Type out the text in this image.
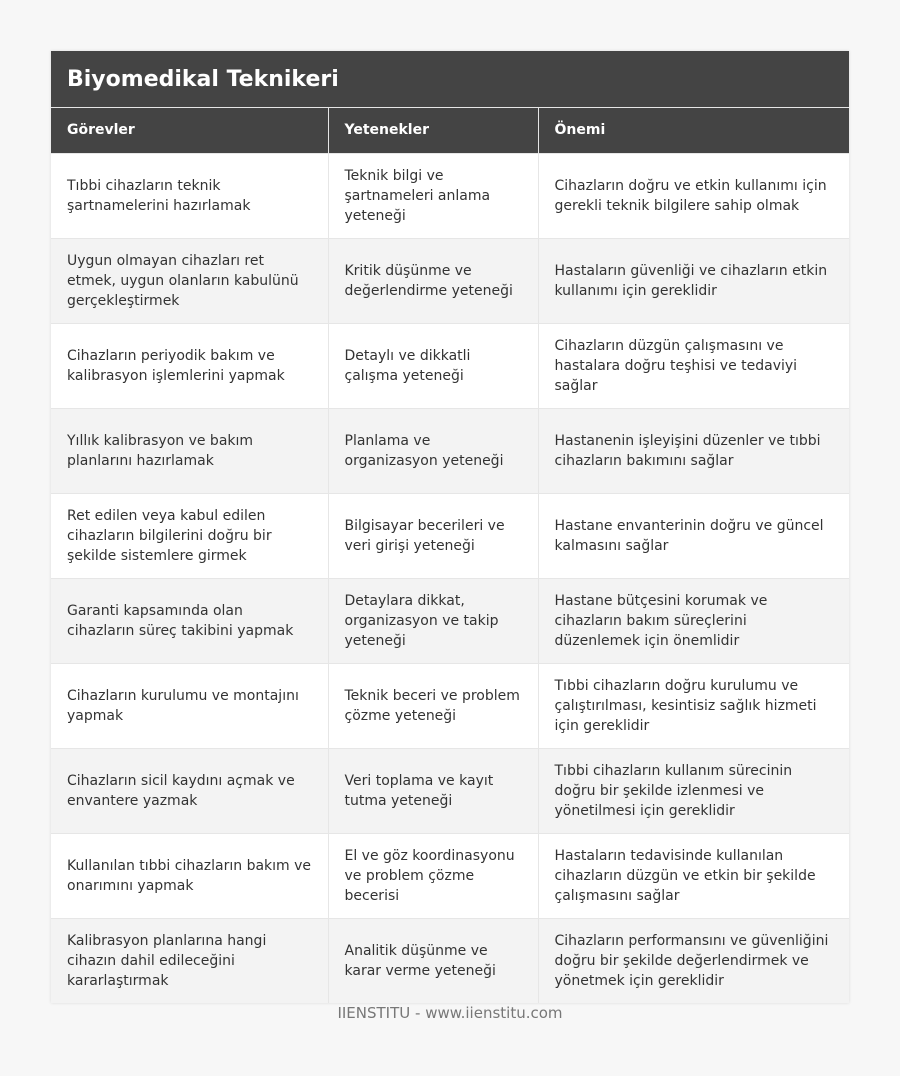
Biyomedikal Teknikeri
Görevler	Yetenekler	Önemi
Tıbbi cihazların teknik şartnamelerini hazırlamak	Teknik bilgi ve şartnameleri anlama yeteneği	Cihazların doğru ve etkin kullanımı için gerekli teknik bilgilere sahip olmak
Uygun olmayan cihazları ret etmek, uygun olanların kabulünü gerçekleştirmek	Kritik düşünme ve değerlendirme yeteneği	Hastaların güvenliği ve cihazların etkin kullanımı için gereklidir
Cihazların periyodik bakım ve kalibrasyon işlemlerini yapmak	Detaylı ve dikkatli çalışma yeteneği	Cihazların düzgün çalışmasını ve hastalara doğru teşhisi ve tedaviyi sağlar
Yıllık kalibrasyon ve bakım planlarını hazırlamak	Planlama ve organizasyon yeteneği	Hastanenin işleyişini düzenler ve tıbbi cihazların bakımını sağlar
Ret edilen veya kabul edilen cihazların bilgilerini doğru bir şekilde sistemlere girmek	Bilgisayar becerileri ve veri girişi yeteneği	Hastane envanterinin doğru ve güncel kalmasını sağlar
Garanti kapsamında olan cihazların süreç takibini yapmak	Detaylara dikkat, organizasyon ve takip yeteneği	Hastane bütçesini korumak ve cihazların bakım süreçlerini düzenlemek için önemlidir
Cihazların kurulumu ve montajını yapmak	Teknik beceri ve problem çözme yeteneği	Tıbbi cihazların doğru kurulumu ve çalıştırılması, kesintisiz sağlık hizmeti için gereklidir
Cihazların sicil kaydını açmak ve envantere yazmak	Veri toplama ve kayıt tutma yeteneği	Tıbbi cihazların kullanım sürecinin doğru bir şekilde izlenmesi ve yönetilmesi için gereklidir
Kullanılan tıbbi cihazların bakım ve onarımını yapmak	El ve göz koordinasyonu ve problem çözme becerisi	Hastaların tedavisinde kullanılan cihazların düzgün ve etkin bir şekilde çalışmasını sağlar
Kalibrasyon planlarına hangi cihazın dahil edileceğini kararlaştırmak	Analitik düşünme ve karar verme yeteneği	Cihazların performansını ve güvenliğini doğru bir şekilde değerlendirmek ve yönetmek için gereklidir
IIENSTITU - www.iienstitu.com
